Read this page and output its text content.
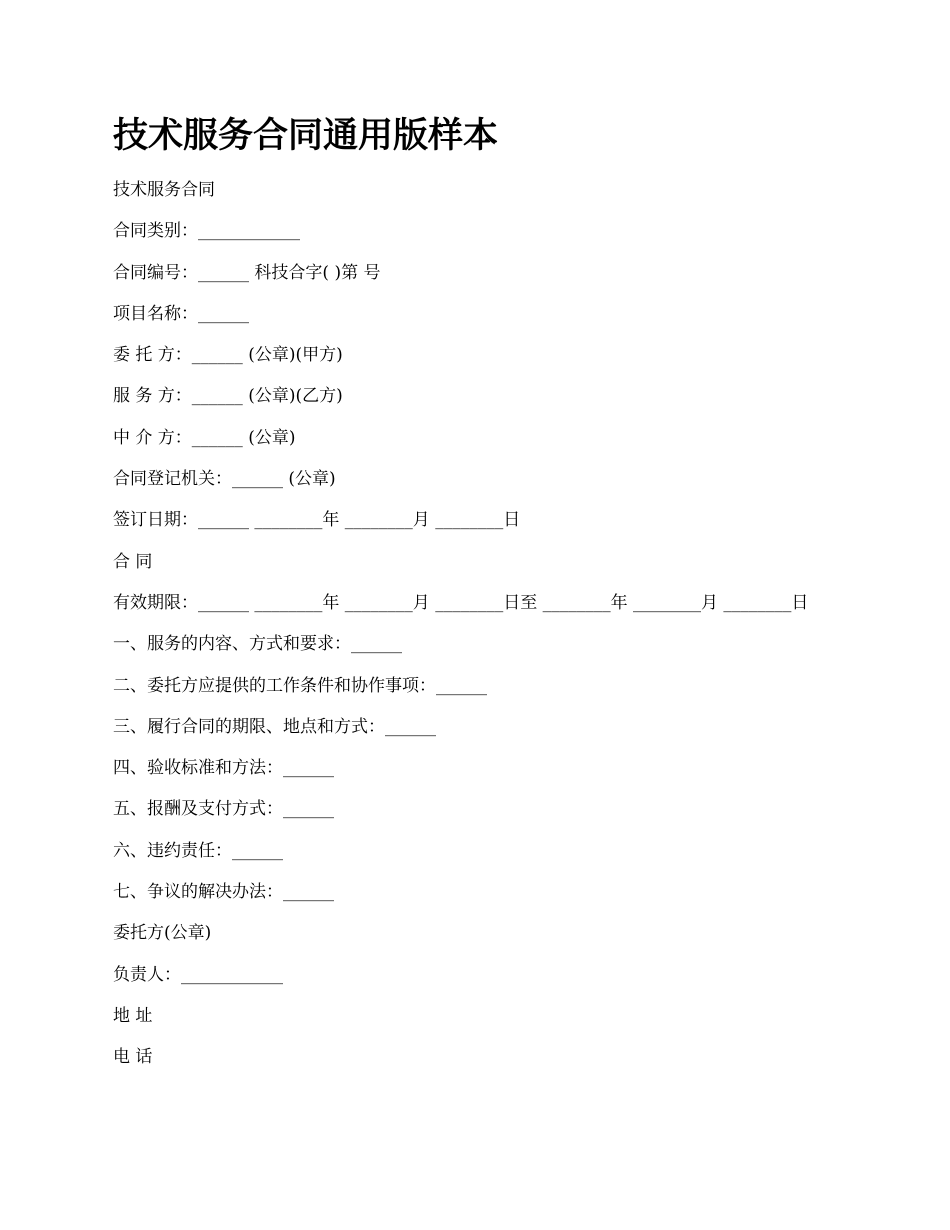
技术服务合同通用版样本

技术服务合同

合同类别：____________

合同编号：______ 科技合字( )第 号

项目名称：______

委 托 方：______ (公章)(甲方)

服 务 方：______ (公章)(乙方)

中 介 方：______ (公章)

合同登记机关：______ (公章)

签订日期：______ ________年 ________月 ________日

合 同

有效期限：______ ________年 ________月 ________日至 ________年 ________月 ________日

一、服务的内容、方式和要求：______

二、委托方应提供的工作条件和协作事项：______

三、履行合同的期限、地点和方式：______

四、验收标准和方法：______

五、报酬及支付方式：______

六、违约责任：______

七、争议的解决办法：______

委托方(公章)

负责人：____________

地 址

电 话
